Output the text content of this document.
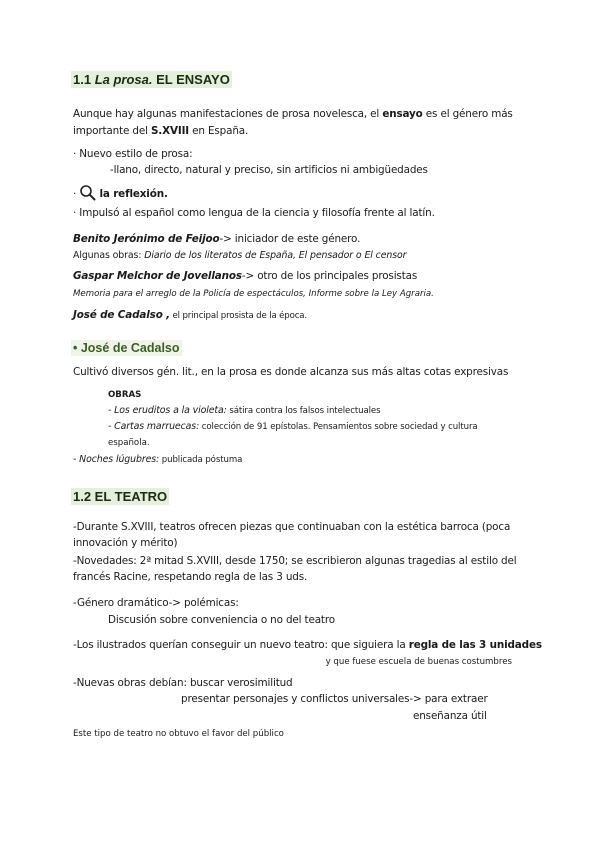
1.1 La prosa. EL ENSAYO
Aunque hay algunas manifestaciones de prosa novelesca, el ensayo es el género más
importante del S.XVIII en España.
· Nuevo estilo de prosa:
-llano, directo, natural y preciso, sin artificios ni ambigüedades
· la reflexión.
· Impulsó al español como lengua de la ciencia y filosofía frente al latín.
Benito Jerónimo de Feijoo-> iniciador de este género.
Algunas obras: Diario de los literatos de España, El pensador o El censor
Gaspar Melchor de Jovellanos-> otro de los principales prosistas
Memoria para el arreglo de la Policía de espectáculos, Informe sobre la Ley Agraria.
José de Cadalso , el principal prosista de la época.
• José de Cadalso
Cultivó diversos gén. lit., en la prosa es donde alcanza sus más altas cotas expresivas
OBRAS
- Los eruditos a la violeta: sátira contra los falsos intelectuales
- Cartas marruecas: colección de 91 epístolas. Pensamientos sobre sociedad y cultura
española.
- Noches lúgubres: publicada póstuma
1.2 EL TEATRO
-Durante S.XVIII, teatros ofrecen piezas que continuaban con la estética barroca (poca
innovación y mérito)
-Novedades: 2ª mitad S.XVIII, desde 1750; se escribieron algunas tragedias al estilo del
francés Racine, respetando regla de las 3 uds.
-Género dramático-> polémicas:
Discusión sobre conveniencia o no del teatro
-Los ilustrados querían conseguir un nuevo teatro: que siguiera la regla de las 3 unidades
y que fuese escuela de buenas costumbres
-Nuevas obras debían: buscar verosimilitud
presentar personajes y conflictos universales-> para extraer
enseñanza útil
Este tipo de teatro no obtuvo el favor del público
